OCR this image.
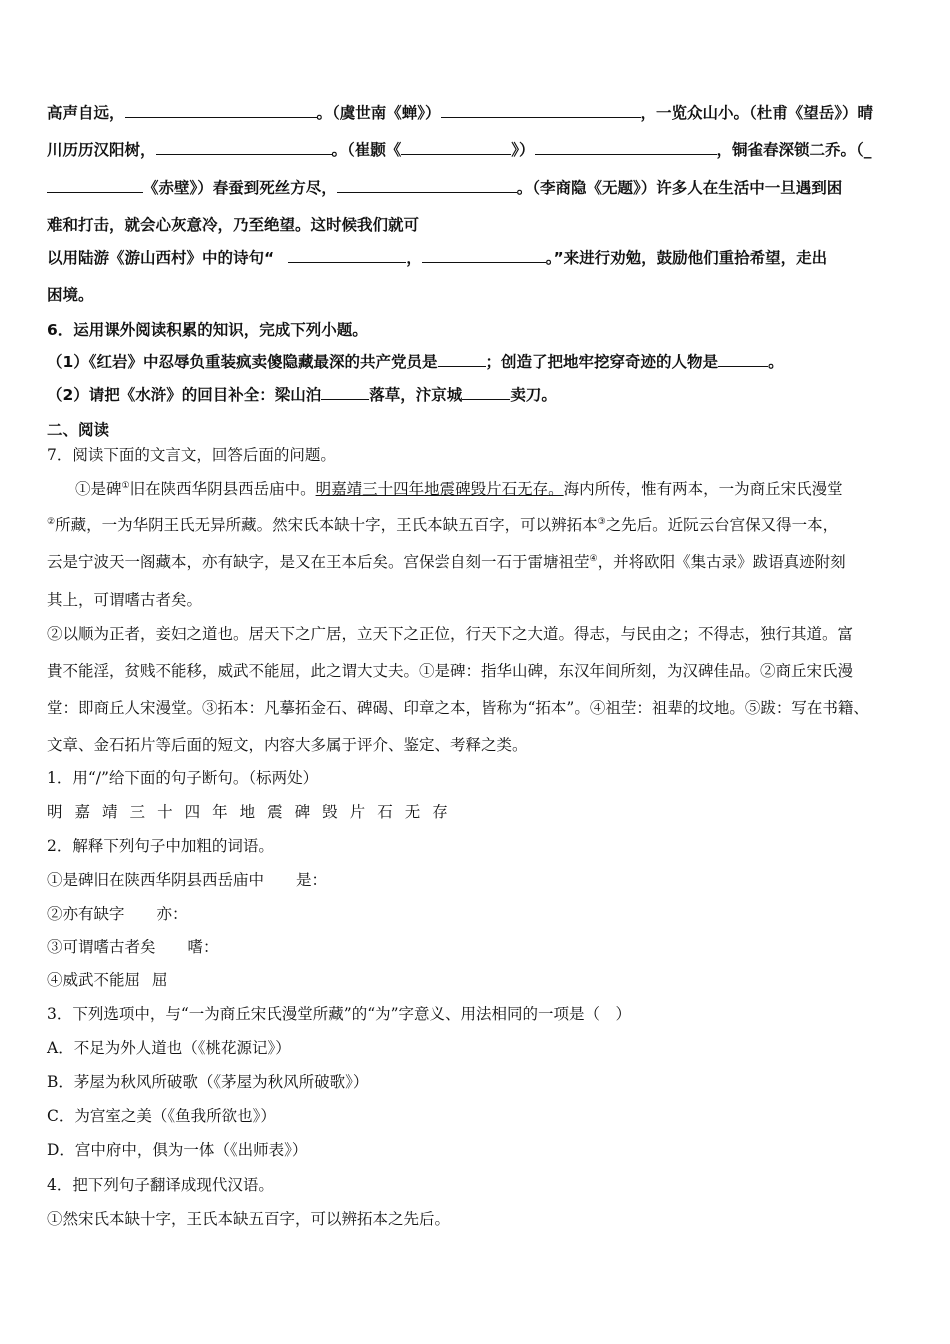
高声自远，	。（虞世南《蝉》）	，一览众山小。（杜甫《望岳》）晴
川历历汉阳树，	。（崔颢《	》）	，铜雀春深锁二乔。（_
《赤壁》）春蚕到死丝方尽，	。（李商隐《无题》）许多人在生活中一旦遇到困
难和打击，就会心灰意冷，乃至绝望。这时候我们就可
以用陆游《游山西村》中的诗句“	，	。”来进行劝勉，鼓励他们重拾希望，走出
困境。
6．运用课外阅读积累的知识，完成下列小题。
（1）《红岩》中忍辱负重装疯卖傻隐藏最深的共产党员是	；创造了把地牢挖穿奇迹的人物是	。
（2）请把《水浒》的回目补全：梁山泊	落草，汴京城	卖刀。
二、阅读
7．阅读下面的文言文，回答后面的问题。
①是碑①旧在陕西华阴县西岳庙中。明嘉靖三十四年地震碑毁片石无存。海内所传，惟有两本，一为商丘宋氏漫堂
②所藏，一为华阴王氏无异所藏。然宋氏本缺十字，王氏本缺五百字，可以辨拓本③之先后。近阮云台宫保又得一本，
云是宁波天一阁藏本，亦有缺字，是又在王本后矣。宫保尝自刻一石于雷塘祖茔④，并将欧阳《集古录》跋语真迹附刻
其上，可谓嗜古者矣。
②以顺为正者，妾妇之道也。居天下之广居，立天下之正位，行天下之大道。得志，与民由之；不得志，独行其道。富
貴不能淫，贫贱不能移，威武不能屈，此之谓大丈夫。①是碑：指华山碑，东汉年间所刻，为汉碑佳品。②商丘宋氏漫
堂：即商丘人宋漫堂。③拓本：凡摹拓金石、碑碣、印章之本，皆称为“拓本”。④祖茔：祖辈的坟地。⑤跋：写在书籍、
文章、金石拓片等后面的短文，内容大多属于评介、鉴定、考释之类。
1．用“/”给下面的句子断句。（标两处）
明 嘉 靖 三 十 四 年 地 震 碑 毁 片 石 无 存
2．解释下列句子中加粗的词语。
①是碑旧在陕西华阴县西岳庙中 是：
②亦有缺字 亦：
③可谓嗜古者矣 嗜：
④威武不能屈 屈
3．下列选项中，与“一为商丘宋氏漫堂所藏”的“为”字意义、用法相同的一项是（　）
A．不足为外人道也（《桃花源记》）
B．茅屋为秋风所破歌（《茅屋为秋风所破歌》）
C．为宫室之美（《鱼我所欲也》）
D．宫中府中，俱为一体（《出师表》）
4．把下列句子翻译成现代汉语。
①然宋氏本缺十字，王氏本缺五百字，可以辨拓本之先后。
